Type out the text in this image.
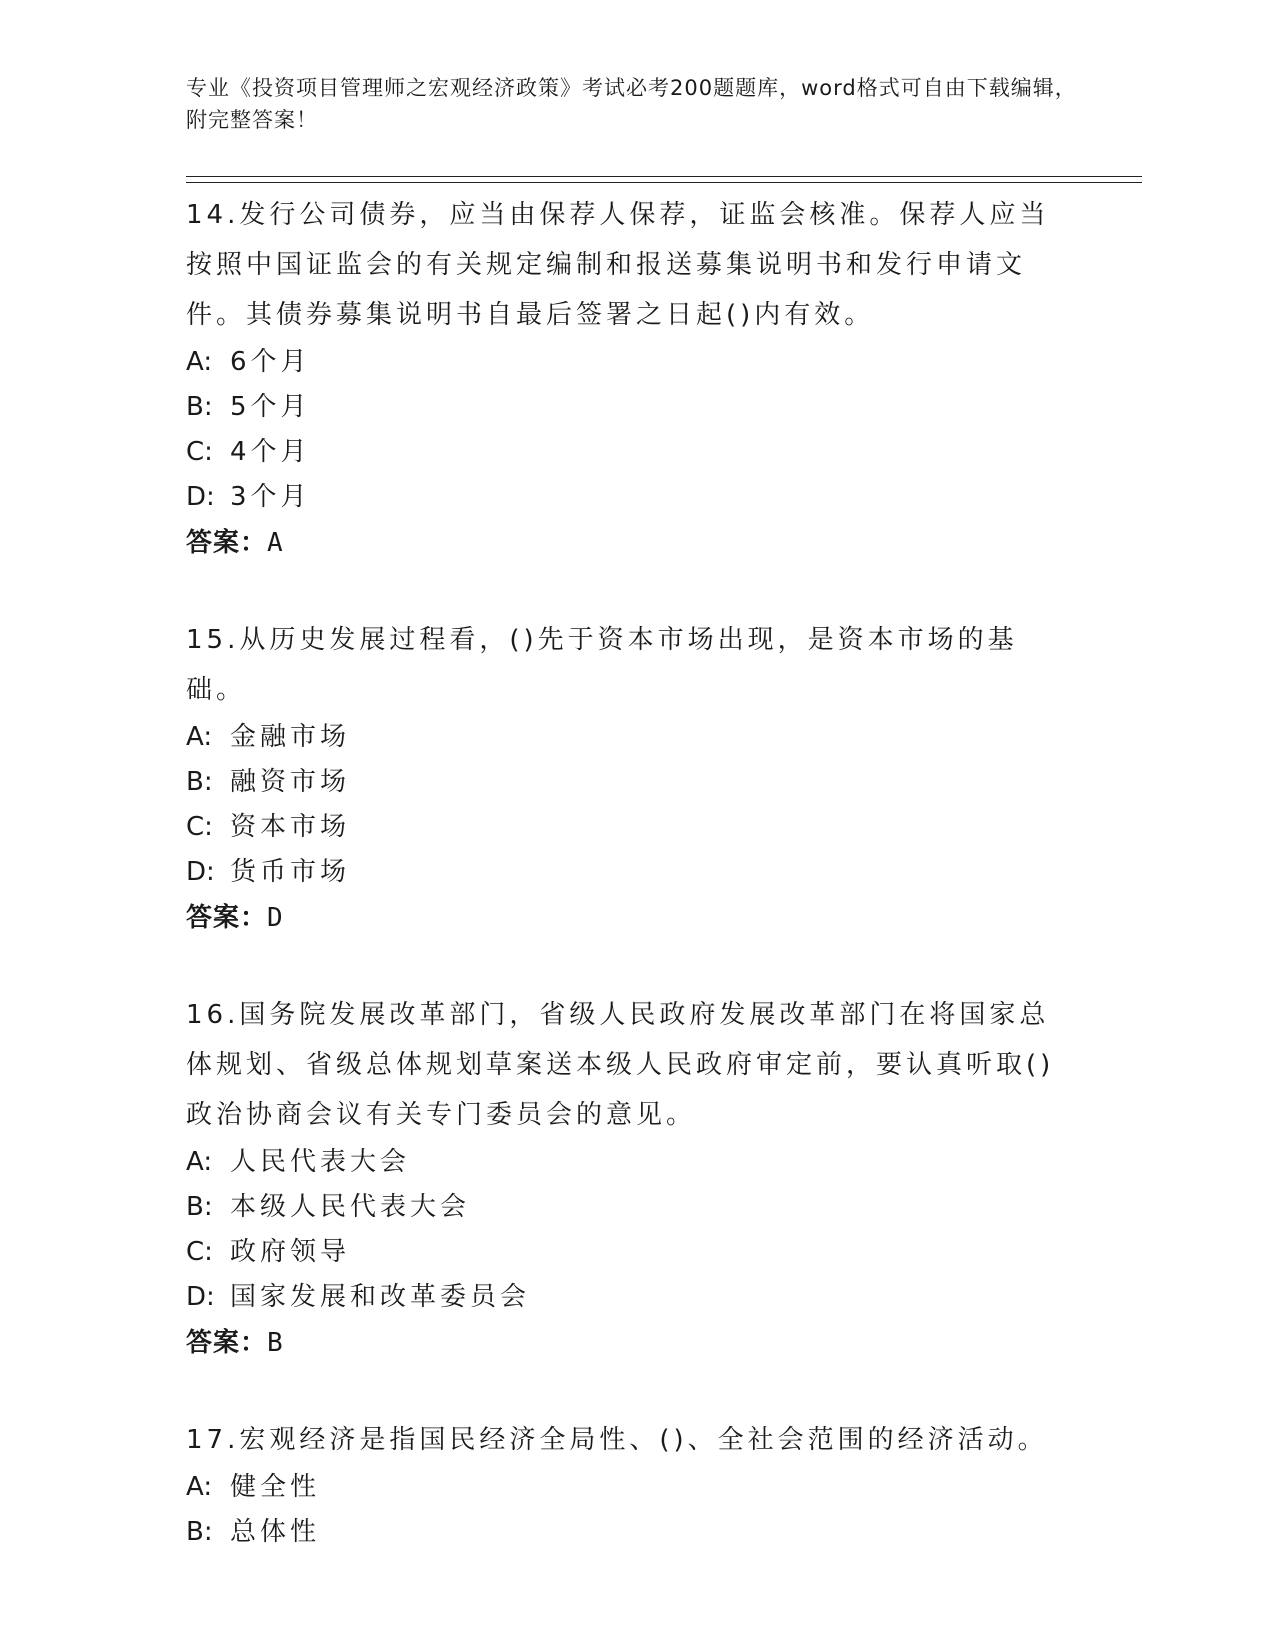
专业《投资项目管理师之宏观经济政策》考试必考200题题库，word格式可自由下载编辑，附完整答案！
14.发行公司债券，应当由保荐人保荐，证监会核准。保荐人应当按照中国证监会的有关规定编制和报送募集说明书和发行申请文件。其债券募集说明书自最后签署之日起()内有效。
A: 6个月
B: 5个月
C: 4个月
D: 3个月
答案：A
15.从历史发展过程看，()先于资本市场出现，是资本市场的基础。
A: 金融市场
B: 融资市场
C: 资本市场
D: 货币市场
答案：D
16.国务院发展改革部门，省级人民政府发展改革部门在将国家总体规划、省级总体规划草案送本级人民政府审定前，要认真听取()政治协商会议有关专门委员会的意见。
A: 人民代表大会
B: 本级人民代表大会
C: 政府领导
D: 国家发展和改革委员会
答案：B
17.宏观经济是指国民经济全局性、()、全社会范围的经济活动。
A: 健全性
B: 总体性
